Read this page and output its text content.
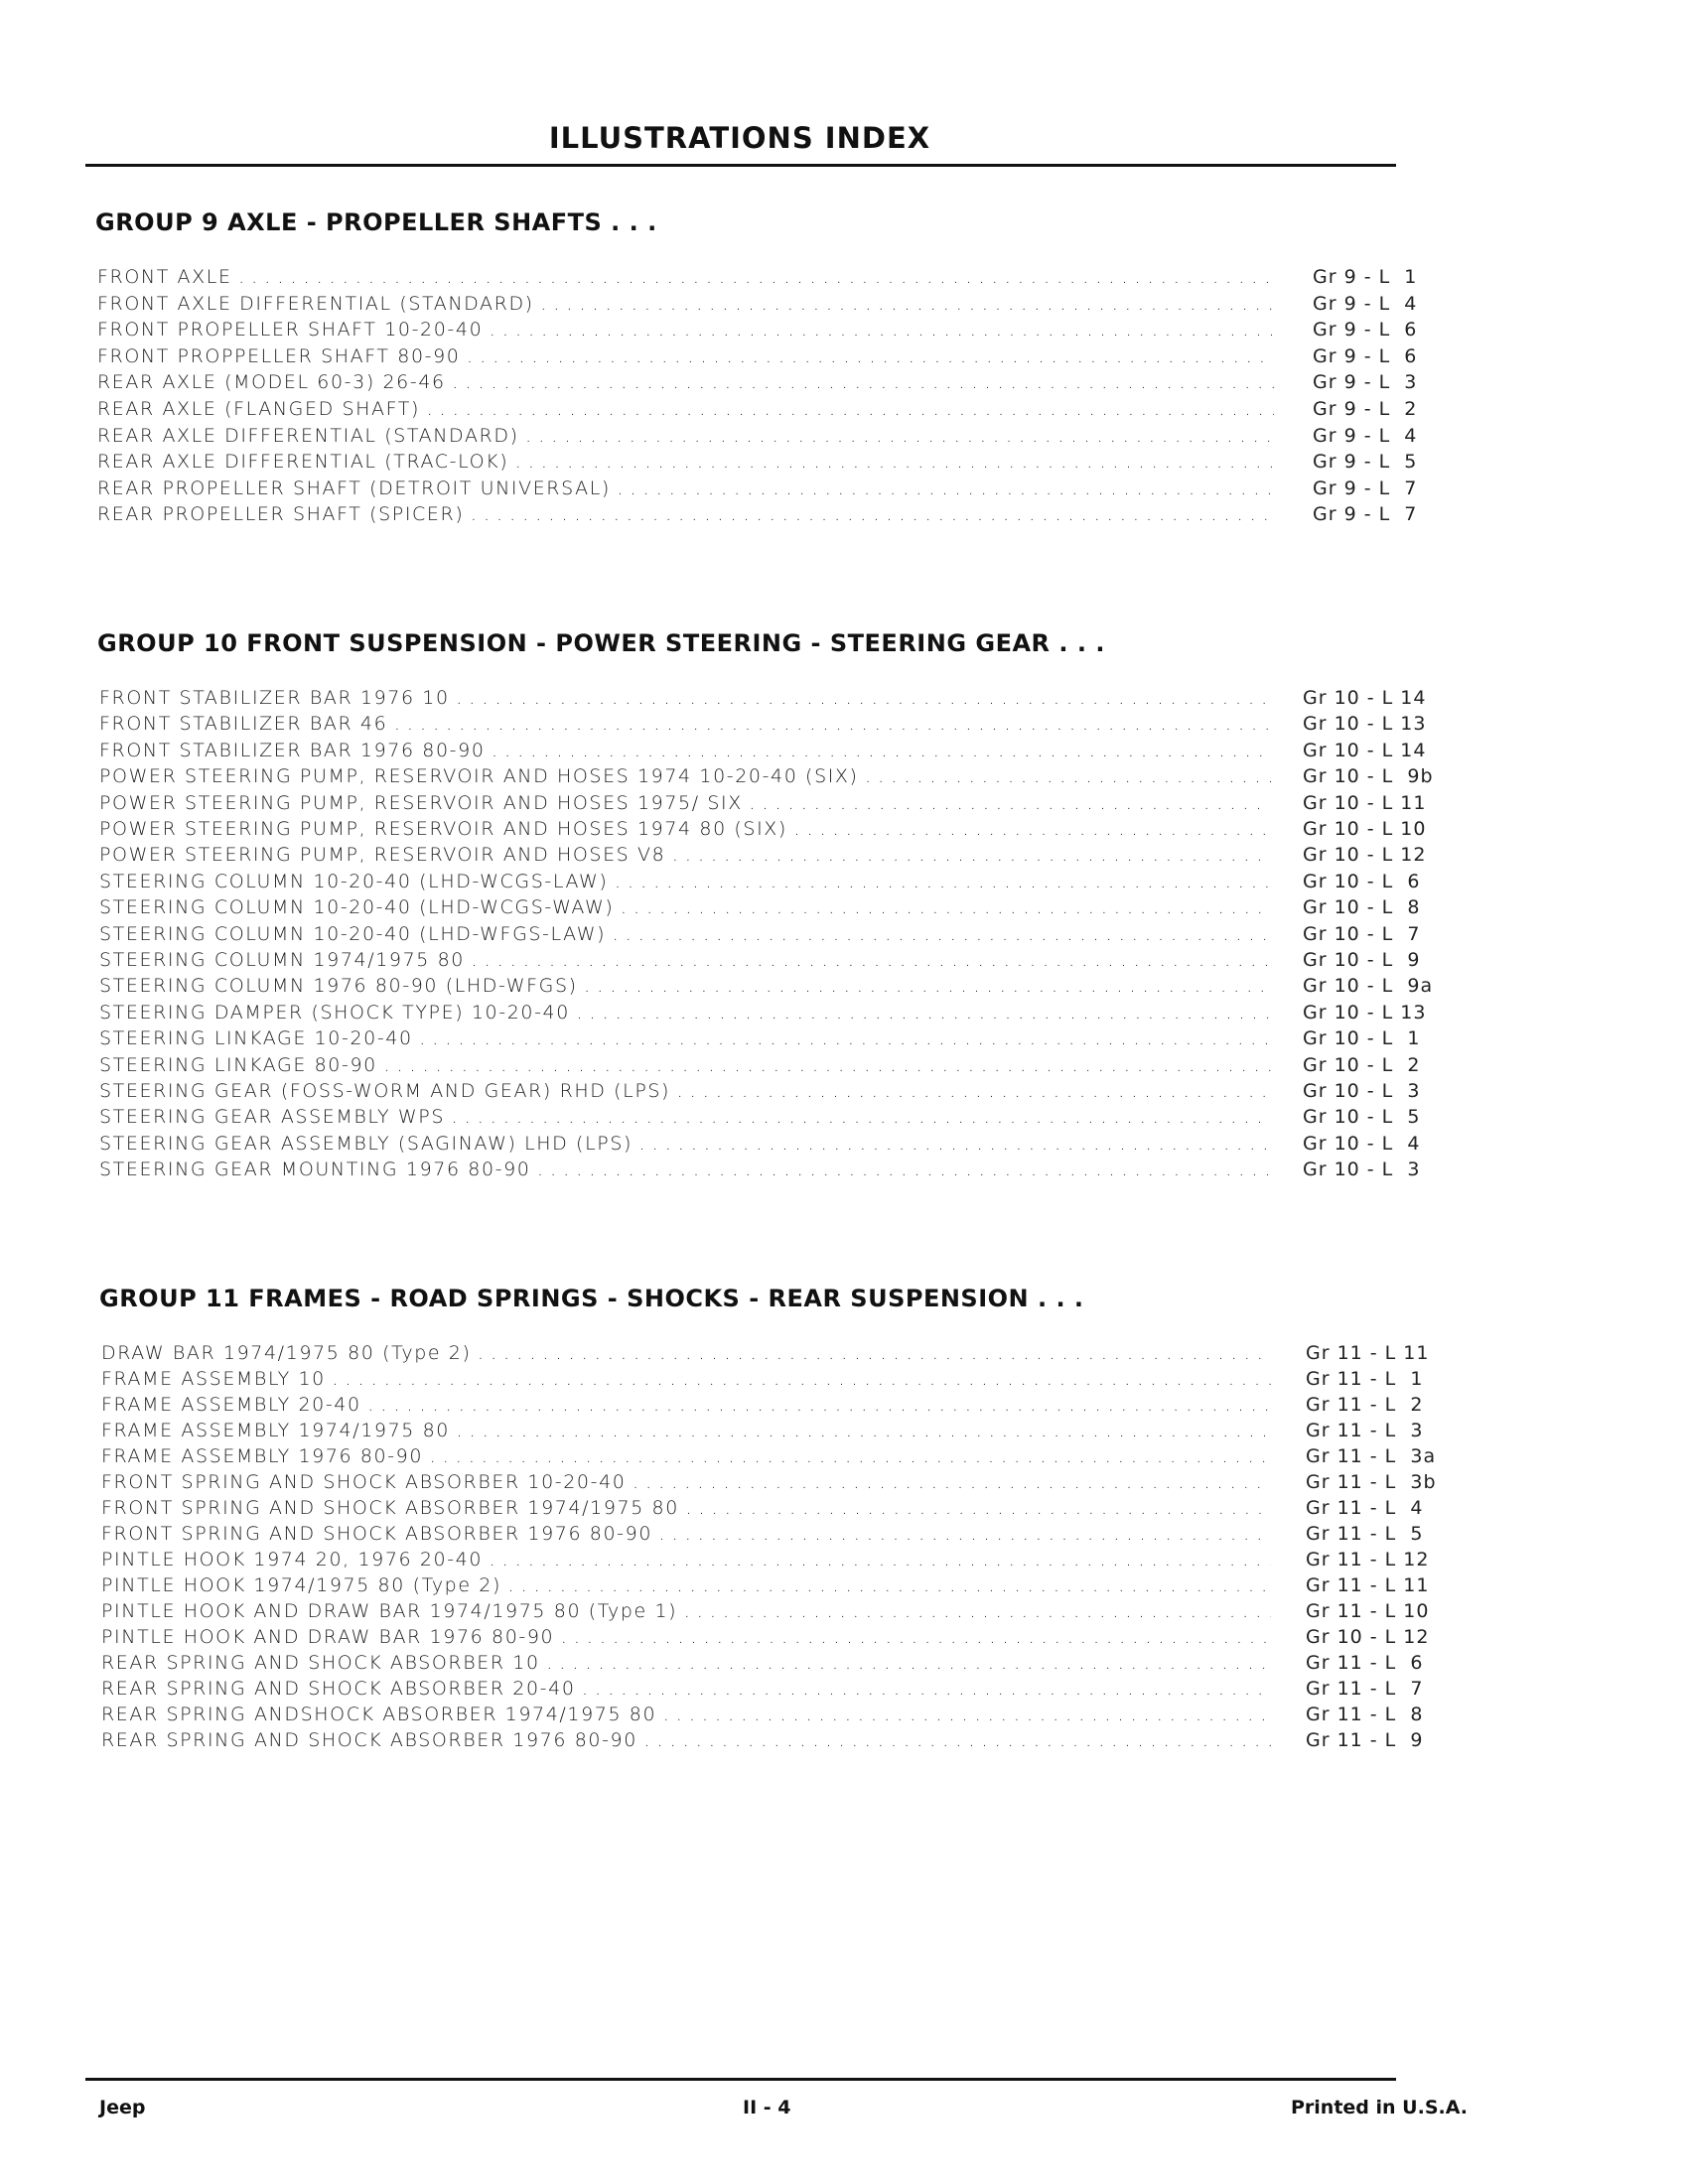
ILLUSTRATIONS INDEX
GROUP 9 AXLE - PROPELLER SHAFTS . . .
FRONT AXLE . . .	Gr 9 - L  1
FRONT AXLE DIFFERENTIAL (STANDARD) . . .	Gr 9 - L  4
FRONT PROPELLER SHAFT 10-20-40 . . .	Gr 9 - L  6
FRONT PROPPELLER SHAFT 80-90 . . .	Gr 9 - L  6
REAR AXLE (MODEL 60-3) 26-46 . . .	Gr 9 - L  3
REAR AXLE (FLANGED SHAFT) . . .	Gr 9 - L  2
REAR AXLE DIFFERENTIAL (STANDARD) . . .	Gr 9 - L  4
REAR AXLE DIFFERENTIAL (TRAC-LOK) . . .	Gr 9 - L  5
REAR PROPELLER SHAFT (DETROIT UNIVERSAL) . . .	Gr 9 - L  7
REAR PROPELLER SHAFT (SPICER) . . .	Gr 9 - L  7
GROUP 10 FRONT SUSPENSION - POWER STEERING - STEERING GEAR . . .
FRONT STABILIZER BAR 1976 10 . . .	Gr 10 - L 14
FRONT STABILIZER BAR 46 . . .	Gr 10 - L 13
FRONT STABILIZER BAR 1976 80-90 . . .	Gr 10 - L 14
POWER STEERING PUMP, RESERVOIR AND HOSES 1974 10-20-40 (SIX) . . .	Gr 10 - L  9b
POWER STEERING PUMP, RESERVOIR AND HOSES 1975/ SIX . . .	Gr 10 - L 11
POWER STEERING PUMP, RESERVOIR AND HOSES 1974 80 (SIX) . . .	Gr 10 - L 10
POWER STEERING PUMP, RESERVOIR AND HOSES V8 . . .	Gr 10 - L 12
STEERING COLUMN 10-20-40 (LHD-WCGS-LAW) . . .	Gr 10 - L  6
STEERING COLUMN 10-20-40 (LHD-WCGS-WAW) . . .	Gr 10 - L  8
STEERING COLUMN 10-20-40 (LHD-WFGS-LAW) . . .	Gr 10 - L  7
STEERING COLUMN 1974/1975 80 . . .	Gr 10 - L  9
STEERING COLUMN 1976 80-90 (LHD-WFGS) . . .	Gr 10 - L  9a
STEERING DAMPER (SHOCK TYPE) 10-20-40 . . .	Gr 10 - L 13
STEERING LINKAGE 10-20-40 . . .	Gr 10 - L  1
STEERING LINKAGE 80-90 . . .	Gr 10 - L  2
STEERING GEAR (FOSS-WORM AND GEAR) RHD (LPS) . . .	Gr 10 - L  3
STEERING GEAR ASSEMBLY WPS . . .	Gr 10 - L  5
STEERING GEAR ASSEMBLY (SAGINAW) LHD (LPS) . . .	Gr 10 - L  4
STEERING GEAR MOUNTING 1976 80-90 . . .	Gr 10 - L  3
GROUP 11 FRAMES - ROAD SPRINGS - SHOCKS - REAR SUSPENSION . . .
DRAW BAR 1974/1975 80 (Type 2) . . .	Gr 11 - L 11
FRAME ASSEMBLY 10 . . .	Gr 11 - L  1
FRAME ASSEMBLY 20-40 . . .	Gr 11 - L  2
FRAME ASSEMBLY 1974/1975 80 . . .	Gr 11 - L  3
FRAME ASSEMBLY 1976 80-90 . . .	Gr 11 - L  3a
FRONT SPRING AND SHOCK ABSORBER 10-20-40 . . .	Gr 11 - L  3b
FRONT SPRING AND SHOCK ABSORBER 1974/1975 80 . . .	Gr 11 - L  4
FRONT SPRING AND SHOCK ABSORBER 1976 80-90 . . .	Gr 11 - L  5
PINTLE HOOK 1974 20, 1976 20-40 . . .	Gr 11 - L 12
PINTLE HOOK 1974/1975 80 (Type 2) . . .	Gr 11 - L 11
PINTLE HOOK AND DRAW BAR 1974/1975 80 (Type 1) . . .	Gr 11 - L 10
PINTLE HOOK AND DRAW BAR 1976 80-90 . . .	Gr 10 - L 12
REAR SPRING AND SHOCK ABSORBER 10 . . .	Gr 11 - L  6
REAR SPRING AND SHOCK ABSORBER 20-40 . . .	Gr 11 - L  7
REAR SPRING ANDSHOCK ABSORBER 1974/1975 80 . . .	Gr 11 - L  8
REAR SPRING AND SHOCK ABSORBER 1976 80-90 . . .	Gr 11 - L  9
Jeep	II - 4	Printed in U.S.A.
